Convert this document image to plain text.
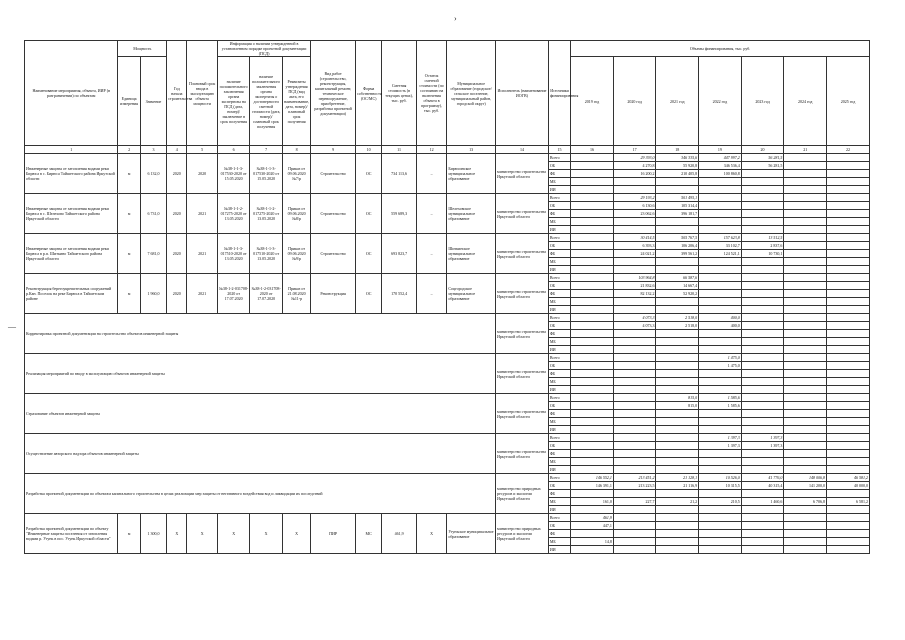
›
—
Наименование мероприятия, объекта, ИИР (в разграничении) по объектам	Мощность		Год начала строительства	Плановый срок ввода в эксплуатацию объекта мощности	Информация о наличии утвержденной в установленном порядке проектной документации (ПСД)			Вид работ (строительство, реконструкция, капитальный ремонт, техническое перевооружение, приобретение, разработка проектной документации)	Форма собственности (ОС/МС)	Сметная стоимость (в текущих ценах), тыс. руб.	Остаток сметной стоимости (по состоянию на включения объекта в программу), тыс. руб.	Муниципальное образование (городское/сельское поселение, муниципальный район, городской округ)	Исполнитель (наименование ИОГВ)	Источники финансирования	Объемы финансирования, тыс. руб.						
	Единица измерения	Значение			наличие положительного заключения органа экспертизы на ПСД (дата, номер)/заключение в срок получения	наличие положительного заключения органа экспертизы о достоверности сметной стоимости (дата, номер)/ плановый срок получения	Реквизиты утверждения ПСД (вид акта, его наименование, дата, номер)/ плановый срок получения								2019 год	2020 год	2021 год	2022 год	2023 год	2024 год	2025 год
1	2	3	4	5	6	7	8	9	10	11	12	13	14	15	16	17	18	19	20	21	22
Инженерные защиты от затопления водами реки Бирюса в с. Бирюса Тайшетского района Иркутской области	м	6 132,0	2020	2020	№38-1-1-3-017530-2020 от 15.05.2020	№38-1-1-3-017530-2020 от 15.05.2020	Приказ от 09.06.2020 №7/р	Строительство	ОС	734 113,6	–	Бирюсинское муниципальное образование	министерство строительства Иркутской области	Всего		29 393,0	346 335,6	447 997,2	56 281,5		
														ОБ		4 270,8	55 920,8	346 536,4	56 281,5		
														ФБ		16 200,2	210 405,8	100 860,8			
														МБ							
														ИИ							
Инженерные защиты от затопления водами реки Бирюса в с. Шелехово Тайшетского района Иркутской области	м	6 731,0	2020	2021	№38-1-1-2-017275-2020 от 13.05.2020	№38-1-1-2-017275-2020 от 13.05.2020	Приказ от 09.06.2020 №8/р	Строительство	ОС	559 689,3	–	Шелеховское муниципальное образование	министерство строительства Иркутской области	Всего		29 193,2	501 495,1				
														ОБ		6 130,6	105 314,4				
														ФБ		23 062,6	396 181,7				
														МБ							
														ИИ							
Инженерные защиты от затопления водами реки Бирюса в р.п. Шиткино Тайшетского района Иркутской области	м	7 681,0	2020	2021	№38-1-1-3-017510-2020 от 13.05.2020	№38-1-1-3-017510-2020 от 13.05.2020	Приказ от 09.06.2020 №9/р	Строительство	ОС	693 823,7	–	Шиткинское муниципальное образование	министерство строительства Иркутской области	Всего		30 414,5	505 767,5	157 623,8	13 512,5		
														ОБ		6 393,3	106 206,4	33 102,7	2 837,6		
														ФБ		24 021,2	399 561,2	124 521,1	10 730,1		
														МБ							
														ИИ							
Реконструкция берегоукрепительных сооружений р.Кан. Поселок на реке Бирюса в Тайшетском районе	м	1 960,0	2020	2021	№38-1-2-031708-2020 от 17.07.2020	№38-1-2-031708-2020 от 17.07.2020	Приказ от 21.08.2020 №11-р	Реконструкция	ОС	170 552,4	–	Соцгородское муниципальное образование	министерство строительства Иркутской области	Всего		103 964,8	66 587,6				
														ОБ		21 832,6	14 667,4				
														ФБ		82 132,2	52 920,2				
														МБ							
														ИИ							
Корректировка проектной документации на строительство объектов инженерной защиты													министерство строительства Иркутской области	Всего		4 073,3	2 518,0	400,0			
														ОБ		4 073,3	2 518,0	400,0			
														ФБ							
														МБ							
														ИИ							
Реализация мероприятий по вводу в эксплуатацию объектов инженерной защиты													министерство строительства Иркутской области	Всего				1 475,0			
														ОБ				1 475,0			
														ФБ							
														МБ							
														ИИ							
Страхование объектов инженерной защиты													министерство строительства Иркутской области	Всего			815,0	1 585,6			
														ОБ			815,0	1 585,6			
														ФБ							
														МБ							
														ИИ							
Осуществление авторского надзора объектов инженерной защиты													министерство строительства Иркутской области	Всего				1 397,3	1 397,3		
														ОБ				1 397,3	1 397,3		
														ФБ							
														МБ							
														ИИ							
Разработка проектной документации по объектам капитального строительства в целях реализации мер защиты от негативного воздействия вод и ликвидации их последствий													министерство природных ресурсов и экологии Иркутской области	Всего	146 552,1	213 451,2	21 128,1	10 526,0	41 776,0	148 006,8	46 581,2
														ОБ	146 391,1	213 223,5	21 116,9	10 315,5	40 315,4	141 200,0	40 000,0
														ФБ							
														МБ	161,0	227,7	21,2	210,5	1 460,6	6 706,8	6 581,2
														ИИ							
Разработка проектной документации по объекту "Инженерные защиты поселения от затопления водами р. Угунь в пос. Угунь Иркутской области"	м	1 300,0	X	X	X	X	X	ПИР	МС	461,9	X	Угуньское муниципальное образование	министерство природных ресурсов и экологии Иркутской области	Всего	461,9						
														ОБ	447,1						
														ФБ							
														МБ	14,8						
														ИИ							
